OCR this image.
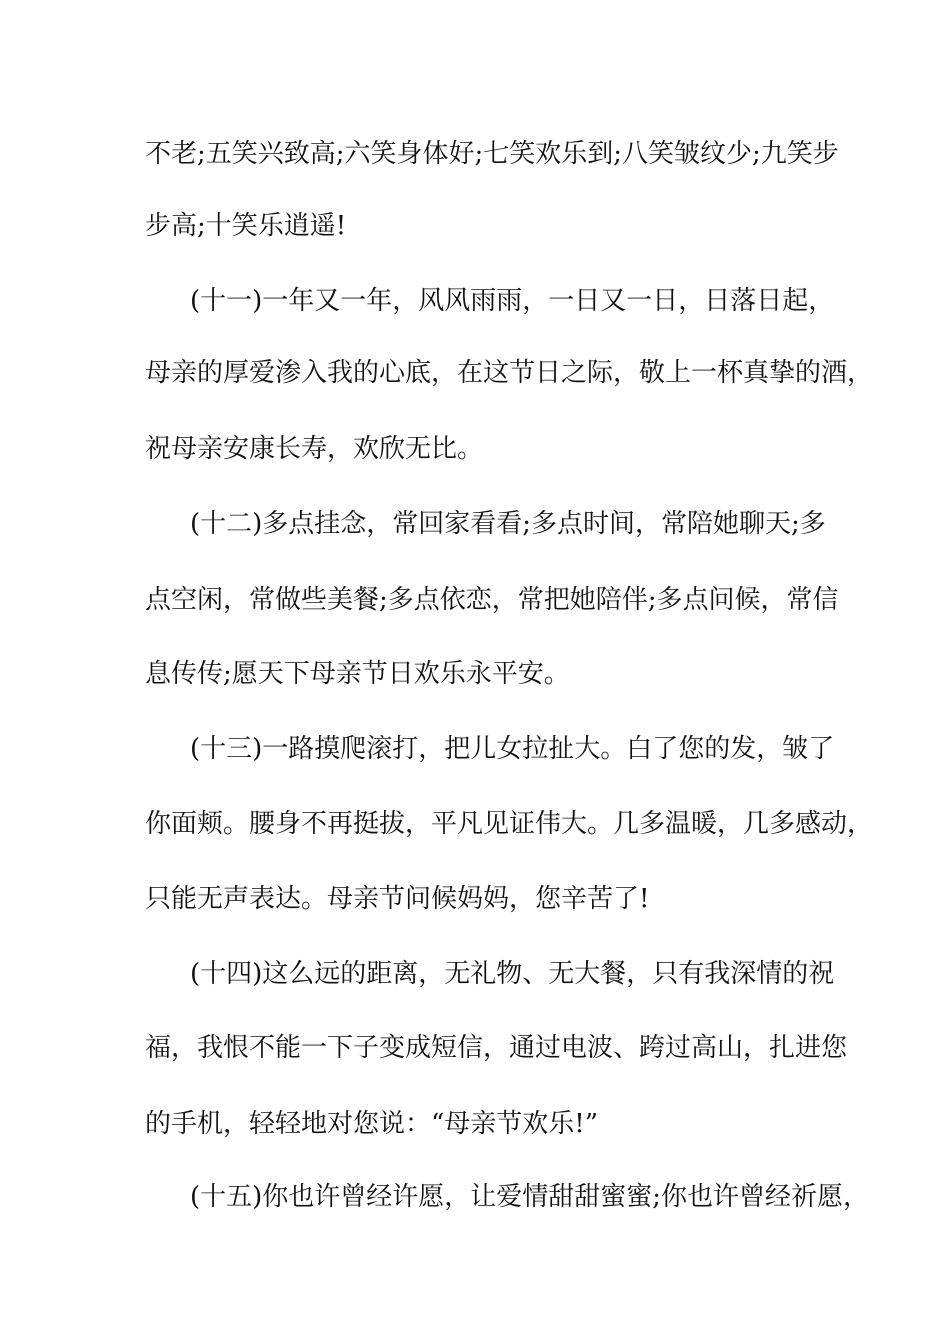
不老;五笑兴致高;六笑身体好;七笑欢乐到;八笑皱纹少;九笑步
步高;十笑乐逍遥!
(十一)一年又一年，风风雨雨，一日又一日，日落日起，
母亲的厚爱渗入我的心底，在这节日之际，敬上一杯真挚的酒，
祝母亲安康长寿，欢欣无比。
(十二)多点挂念，常回家看看;多点时间，常陪她聊天;多
点空闲，常做些美餐;多点依恋，常把她陪伴;多点问候，常信
息传传;愿天下母亲节日欢乐永平安。
(十三)一路摸爬滚打，把儿女拉扯大。白了您的发，皱了
你面颊。腰身不再挺拔，平凡见证伟大。几多温暖，几多感动，
只能无声表达。母亲节问候妈妈，您辛苦了!
(十四)这么远的距离，无礼物、无大餐，只有我深情的祝
福，我恨不能一下子变成短信，通过电波、跨过高山，扎进您
的手机，轻轻地对您说：“母亲节欢乐!”
(十五)你也许曾经许愿，让爱情甜甜蜜蜜;你也许曾经祈愿，
